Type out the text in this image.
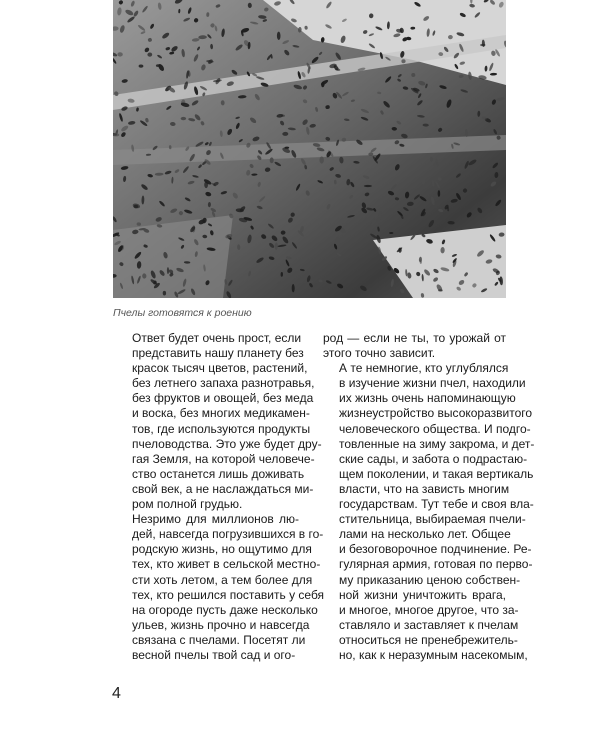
Пчелы готовятся к роению

Ответ будет очень прост, если
представить нашу планету без
красок тысяч цветов, растений,
без летнего запаха разнотравья,
без фруктов и овощей, без меда
и воска, без многих медикамен-
тов, где используются продукты
пчеловодства. Это уже будет дру-
гая Земля, на которой человече-
ство останется лишь доживать
свой век, а не наслаждаться ми-
ром полной грудью.

Незримо для миллионов лю-
дей, навсегда погрузившихся в го-
родскую жизнь, но ощутимо для
тех, кто живет в сельской местно-
сти хоть летом, а тем более для
тех, кто решился поставить у себя
на огороде пусть даже несколько
ульев, жизнь прочно и навсегда
связана с пчелами. Посетят ли
весной пчелы твой сад и ого-

род — если не ты, то урожай от
этого точно зависит.

А те немногие, кто углублялся
в изучение жизни пчел, находили
их жизнь очень напоминающую
жизнеустройство высокоразвитого
человеческого общества. И подго-
товленные на зиму закрома, и дет-
ские сады, и забота о подрастаю-
щем поколении, и такая вертикаль
власти, что на зависть многим
государствам. Тут тебе и своя вла-
стительница, выбираемая пчели-
лами на несколько лет. Общее
и безоговорочное подчинение. Ре-
гулярная армия, готовая по перво-
му приказанию ценою собствен-
ной жизни уничтожить врага,
и многое, многое другое, что за-
ставляло и заставляет к пчелам
относиться не пренебрежитель-
но, как к неразумным насекомым,

4
